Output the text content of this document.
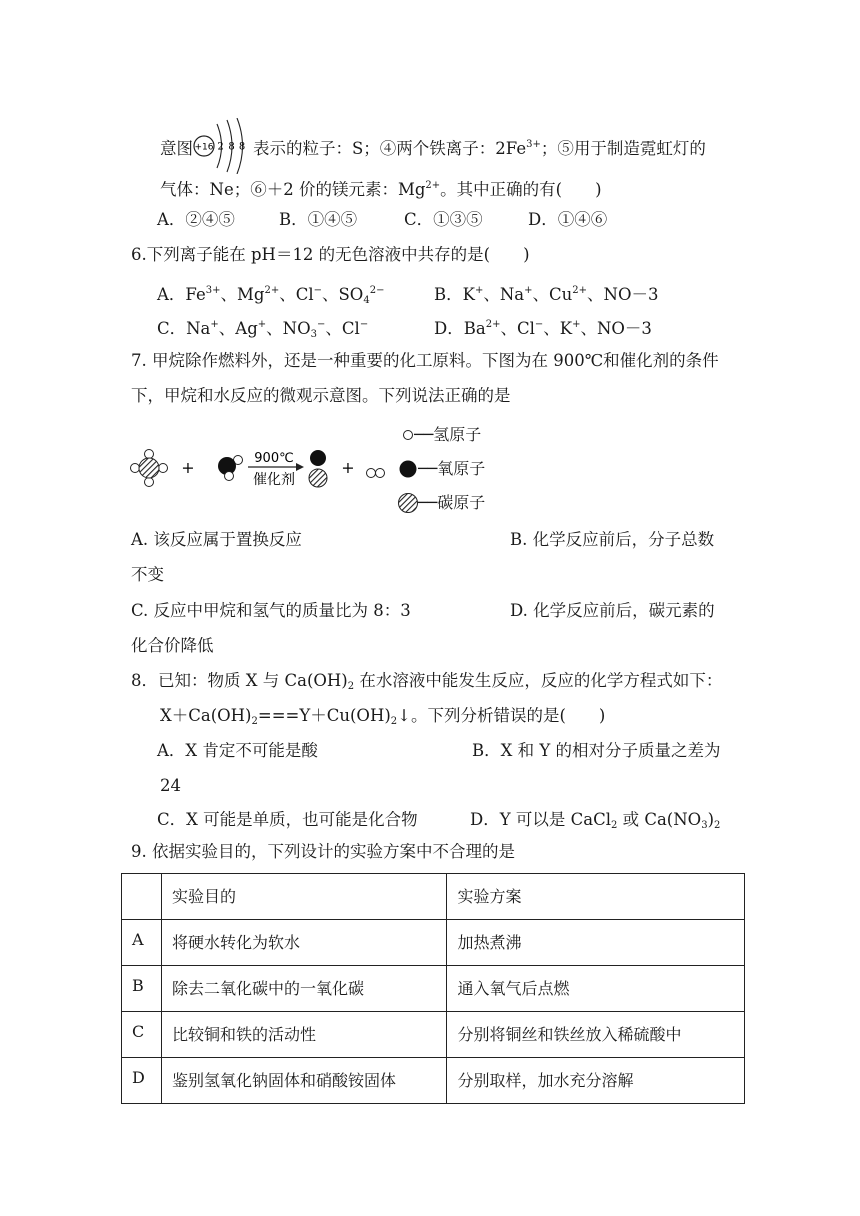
意图 +16 2 8 8 表示的粒子：S；④两个铁离子：$2Fe^{3+}$；⑤用于制造霓虹灯的
气体：Ne；⑥＋2 价的镁元素：$Mg^{2+}$。其中正确的有(　　)
A．②④⑤	B．①④⑤	C．①③⑤	D．①④⑥
6.下列离子能在 pH＝12 的无色溶液中共存的是(　　)
A．$Fe^{3+}$、$Mg^{2+}$、Cl−、$SO_4^{2-}$	B．K+、Na+、$Cu^{2+}$、NO－3
C．Na+、Ag+、$NO_3^-$、Cl−	D．$Ba^{2+}$、Cl−、K+、NO－3
7. 甲烷除作燃料外，还是一种重要的化工原料。下图为在 900℃和催化剂的条件
下，甲烷和水反应的微观示意图。下列说法正确的是
+	900℃
催化剂
+
──氢原子
──氧原子
──碳原子
A. 该反应属于置换反应	B. 化学反应前后，分子总数
不变
C. 反应中甲烷和氢气的质量比为 8：3	D. 化学反应前后，碳元素的
化合价降低
8．已知：物质 X 与 $Ca(OH)_2$ 在水溶液中能发生反应，反应的化学方程式如下：
$X+Ca(OH)_2===Y+Cu(OH)_2↓$。下列分析错误的是(　　)
A．X 肯定不可能是酸	B．X 和 Y 的相对分子质量之差为
24
C．X 可能是单质，也可能是化合物	D．Y 可以是 CaCl$_2$ 或 $Ca(NO_3)_2$
9. 依据实验目的，下列设计的实验方案中不合理的是
	实验目的	实验方案
A	将硬水转化为软水	加热煮沸
B	除去二氧化碳中的一氧化碳	通入氧气后点燃
C	比较铜和铁的活动性	分别将铜丝和铁丝放入稀硫酸中
D	鉴别氢氧化钠固体和硝酸铵固体	分别取样，加水充分溶解
